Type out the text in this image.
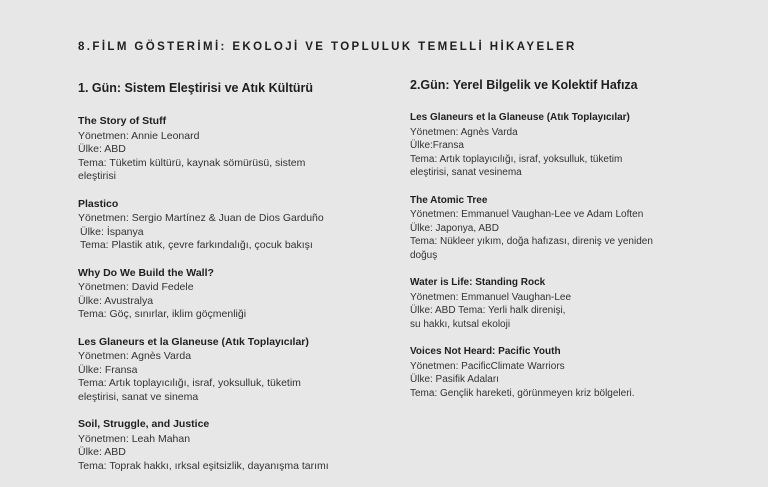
8.FİLM GÖSTERİMİ: EKOLOJİ VE TOPLULUK TEMELLİ HİKAYELER
1. Gün: Sistem Eleştirisi ve Atık Kültürü
The Story of Stuff
Yönetmen: Annie Leonard
Ülke: ABD
Tema: Tüketim kültürü, kaynak sömürüsü, sistem
eleştirisi
Plastico
Yönetmen: Sergio Martínez & Juan de Dios Garduño
Ülke: İspanya
Tema: Plastik atık, çevre farkındalığı, çocuk bakışı
Why Do We Build the Wall?
Yönetmen: David Fedele
Ülke: Avustralya
Tema: Göç, sınırlar, iklim göçmenliği
Les Glaneurs et la Glaneuse (Atık Toplayıcılar)
Yönetmen: Agnès Varda
Ülke: Fransa
Tema: Artık toplayıcılığı, israf, yoksulluk, tüketim
eleştirisi, sanat ve sinema
Soil, Struggle, and Justice
Yönetmen: Leah Mahan
Ülke: ABD
Tema: Toprak hakkı, ırksal eşitsizlik, dayanışma tarımı
2.Gün: Yerel Bilgelik ve Kolektif Hafıza
Les Glaneurs et la Glaneuse (Atık Toplayıcılar)
Yönetmen: Agnès Varda
Ülke:Fransa
Tema: Artık toplayıcılığı, israf, yoksulluk, tüketim
eleştirisi, sanat vesinema
The Atomic Tree
Yönetmen: Emmanuel Vaughan-Lee ve Adam Loften
Ülke: Japonya, ABD
Tema: Nükleer yıkım, doğa hafızası, direniş ve yeniden
doğuş
Water is Life: Standing Rock
Yönetmen: Emmanuel Vaughan-Lee
Ülke: ABD Tema: Yerli halk direnişi,
su hakkı, kutsal ekoloji
Voices Not Heard: Pacific Youth
Yönetmen: PacificClimate Warriors
Ülke: Pasifik Adaları
Tema: Gençlik hareketi, görünmeyen kriz bölgeleri.
